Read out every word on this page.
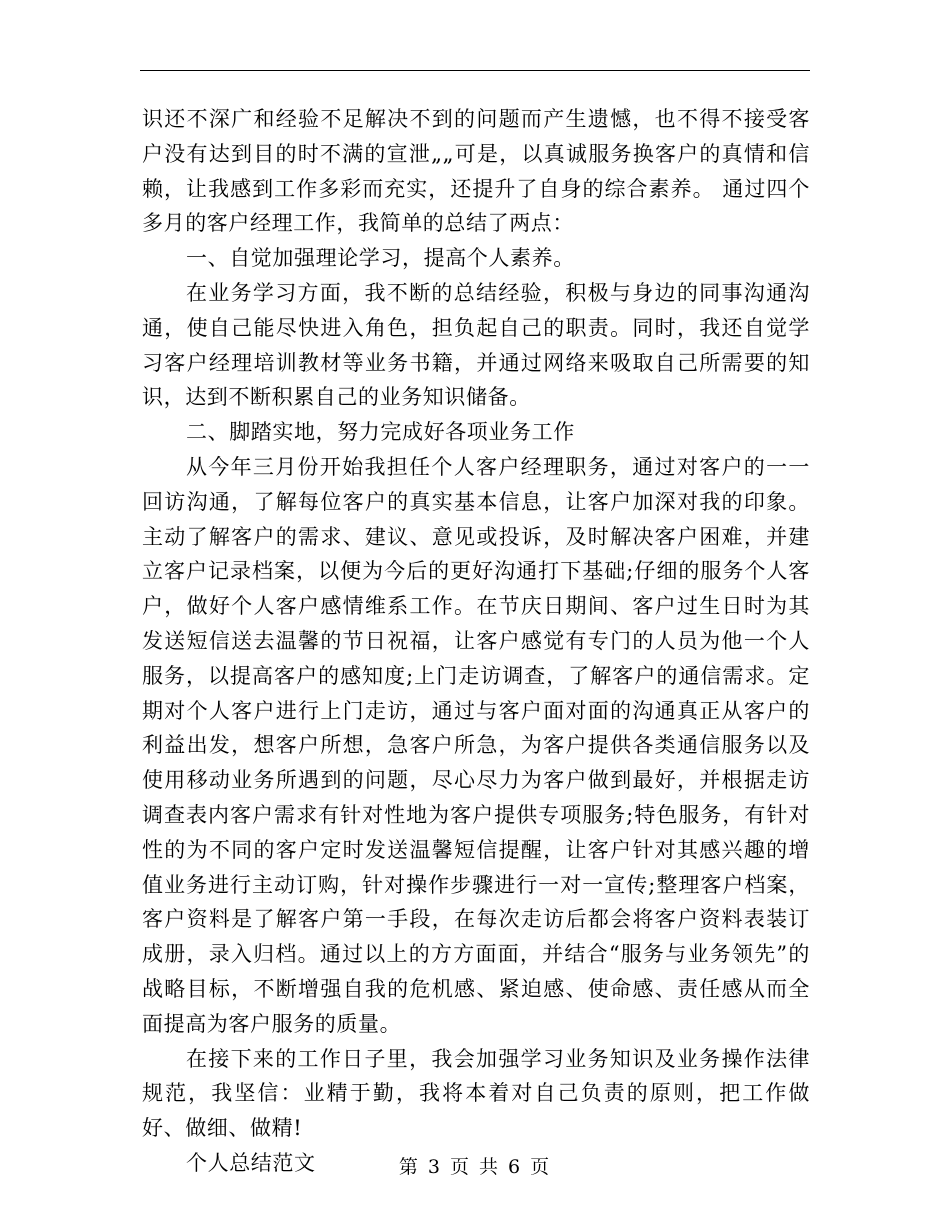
识还不深广和经验不足解决不到的问题而产生遗憾，也不得不接受客户没有达到目的时不满的宣泄„„可是，以真诚服务换客户的真情和信赖，让我感到工作多彩而充实，还提升了自身的综合素养。 通过四个多月的客户经理工作，我简单的总结了两点：

一、自觉加强理论学习，提高个人素养。

在业务学习方面，我不断的总结经验，积极与身边的同事沟通沟通，使自己能尽快进入角色，担负起自己的职责。同时，我还自觉学习客户经理培训教材等业务书籍，并通过网络来吸取自己所需要的知识，达到不断积累自己的业务知识储备。

二、脚踏实地，努力完成好各项业务工作

从今年三月份开始我担任个人客户经理职务，通过对客户的一一回访沟通，了解每位客户的真实基本信息，让客户加深对我的印象。主动了解客户的需求、建议、意见或投诉，及时解决客户困难，并建立客户记录档案，以便为今后的更好沟通打下基础;仔细的服务个人客户，做好个人客户感情维系工作。在节庆日期间、客户过生日时为其发送短信送去温馨的节日祝福，让客户感觉有专门的人员为他一个人服务，以提高客户的感知度;上门走访调查，了解客户的通信需求。定期对个人客户进行上门走访，通过与客户面对面的沟通真正从客户的利益出发，想客户所想，急客户所急，为客户提供各类通信服务以及使用移动业务所遇到的问题，尽心尽力为客户做到最好，并根据走访调查表内客户需求有针对性地为客户提供专项服务;特色服务，有针对性的为不同的客户定时发送温馨短信提醒，让客户针对其感兴趣的增值业务进行主动订购，针对操作步骤进行一对一宣传;整理客户档案，客户资料是了解客户第一手段，在每次走访后都会将客户资料表装订成册，录入归档。通过以上的方方面面，并结合“服务与业务领先”的战略目标，不断增强自我的危机感、紧迫感、使命感、责任感从而全面提高为客户服务的质量。

在接下来的工作日子里，我会加强学习业务知识及业务操作法律规范，我坚信：业精于勤，我将本着对自己负责的原则，把工作做好、做细、做精!

个人总结范文	第 3 页 共 6 页
